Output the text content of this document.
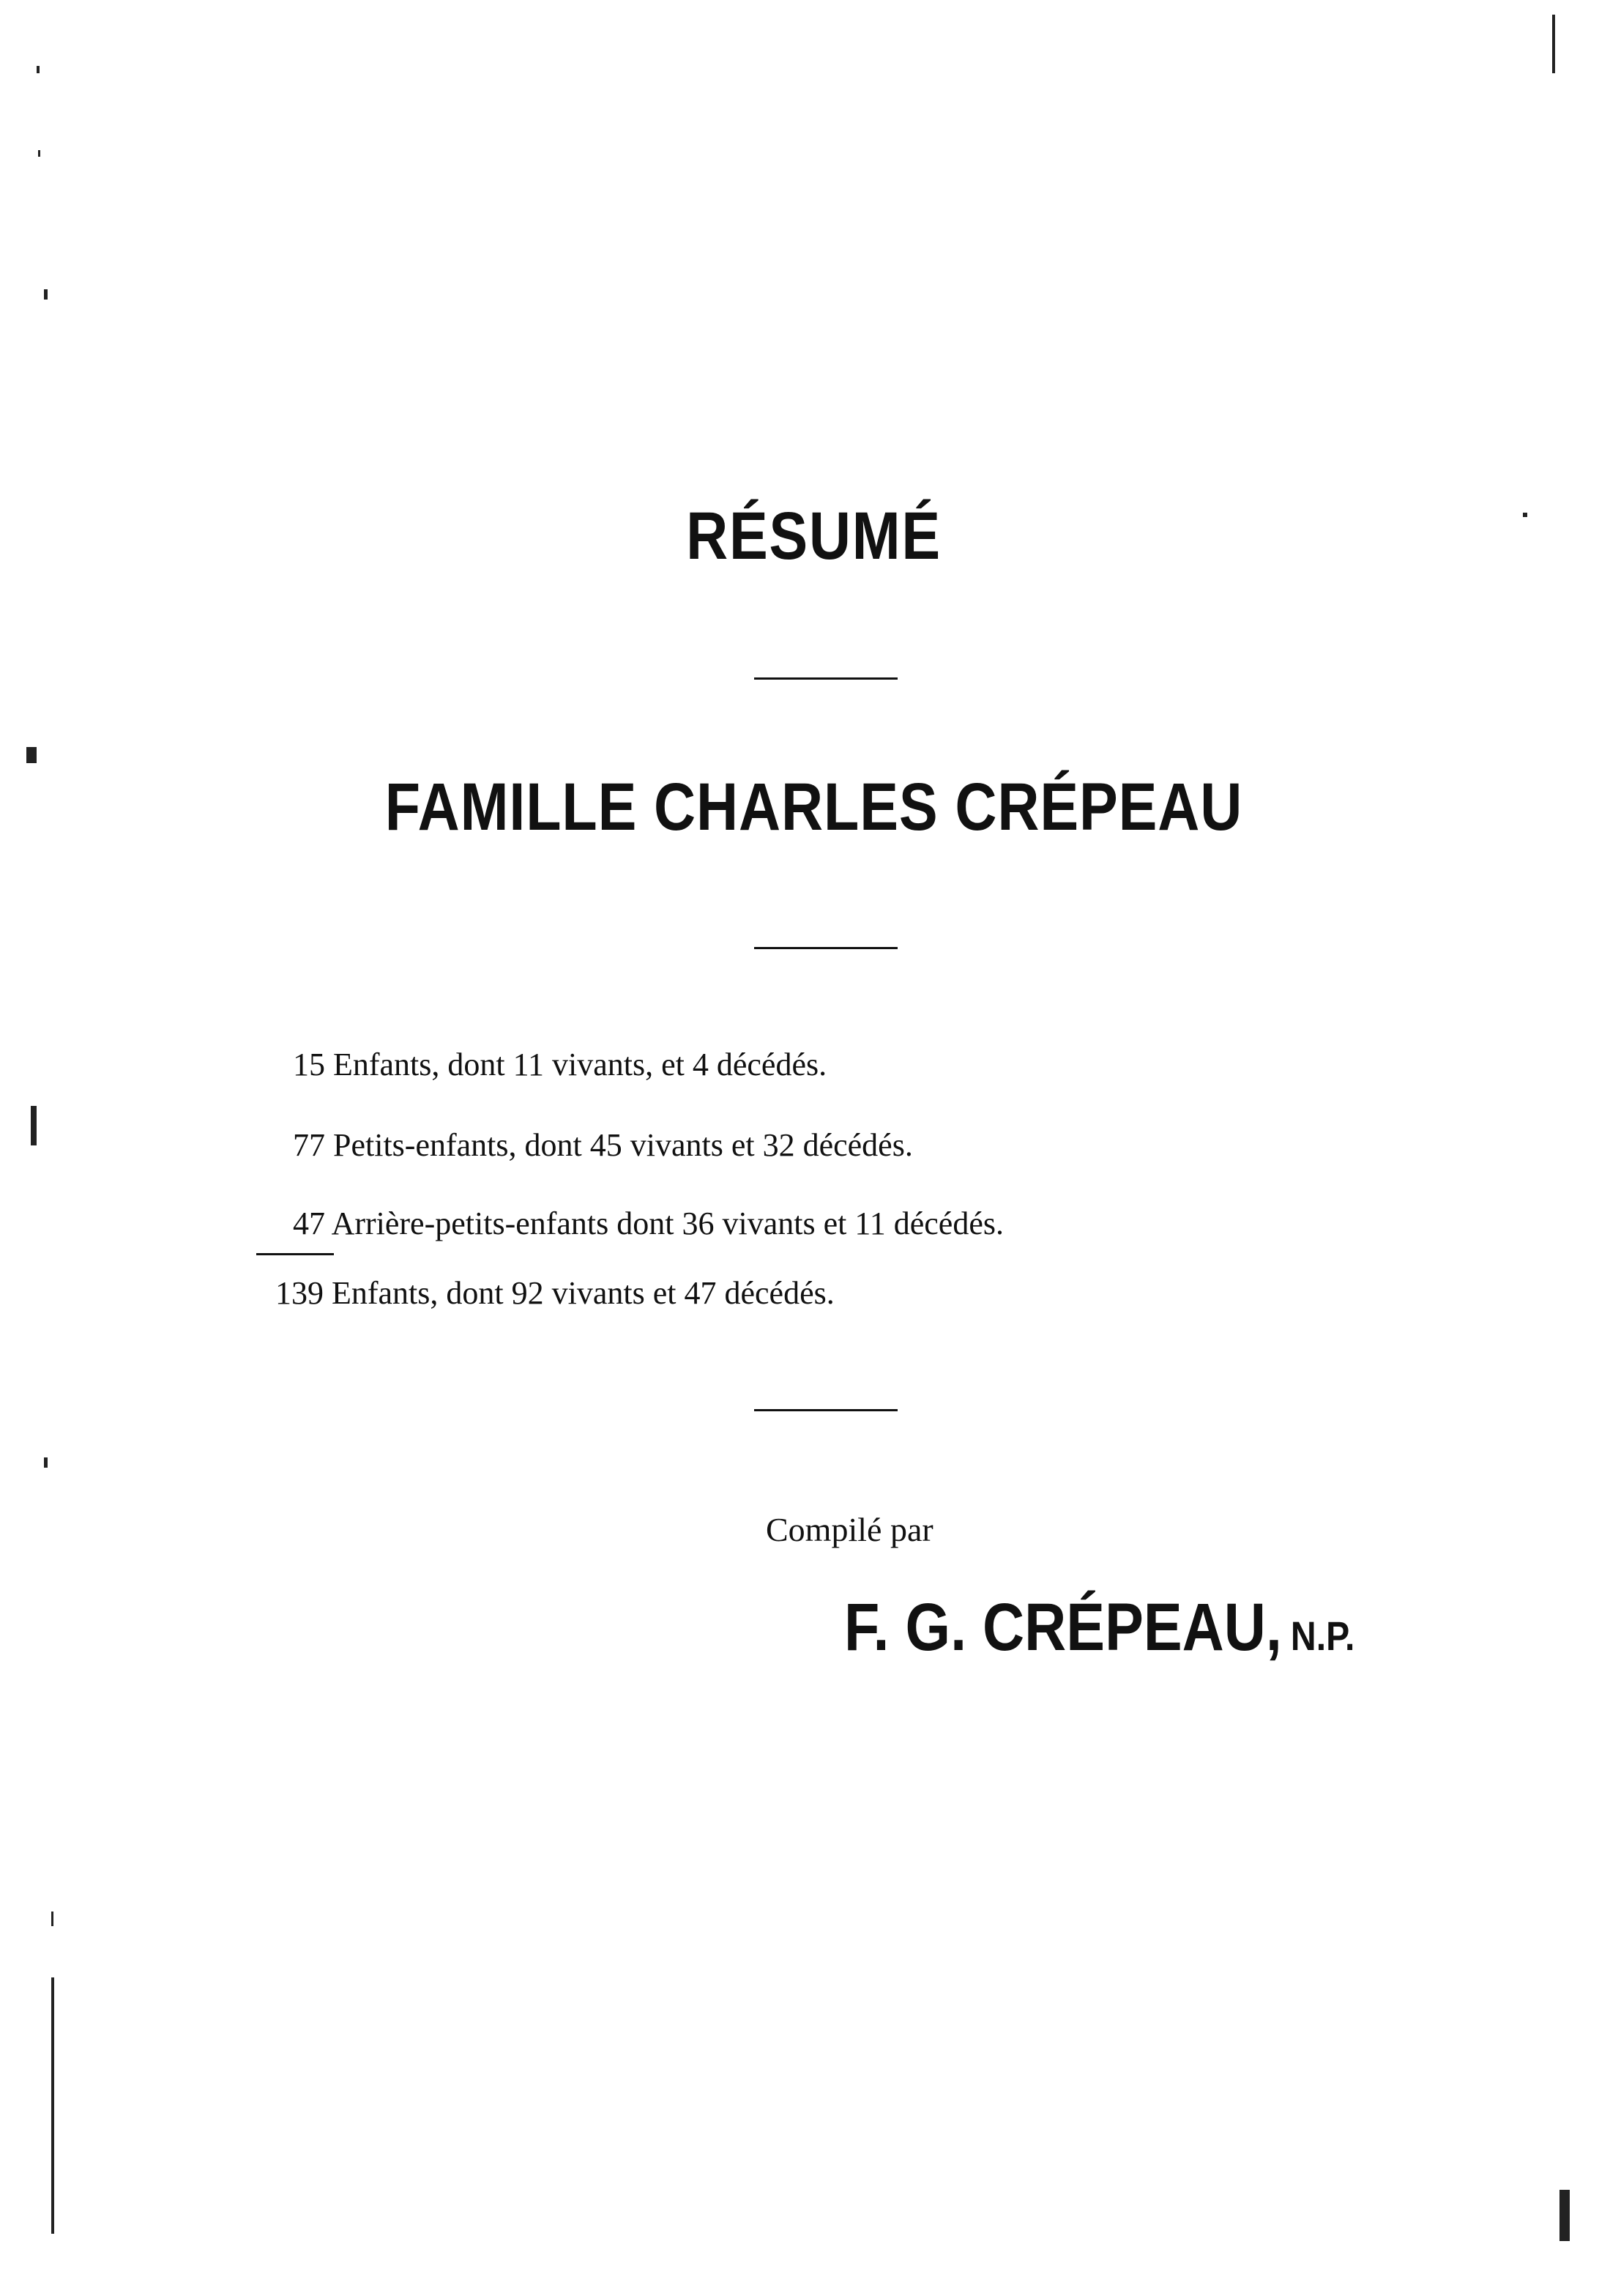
RÉSUMÉ
FAMILLE CHARLES CRÉPEAU
15 Enfants, dont 11 vivants, et 4 décédés.
77 Petits-enfants, dont 45 vivants et 32 décédés.
47 Arrière-petits-enfants dont 36 vivants et 11 décédés.
139 Enfants, dont 92 vivants et 47 décédés.
Compilé par
F. G. CRÉPEAU, N.P.
